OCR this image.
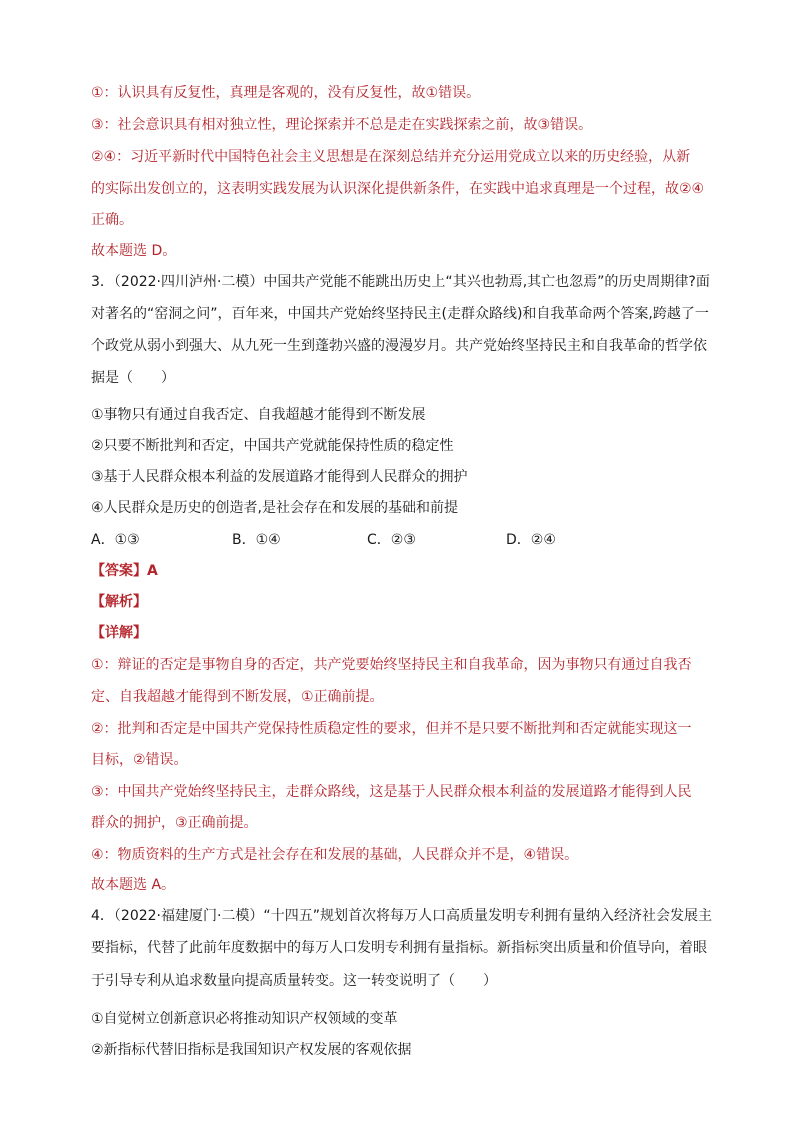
①：认识具有反复性，真理是客观的，没有反复性，故①错误。
③：社会意识具有相对独立性，理论探索并不总是走在实践探索之前，故③错误。
②④：习近平新时代中国特色社会主义思想是在深刻总结并充分运用党成立以来的历史经验，从新
的实际出发创立的，这表明实践发展为认识深化提供新条件，在实践中追求真理是一个过程，故②④
正确。
故本题选 D。
3．（2022·四川泸州·二模）中国共产党能不能跳出历史上“其兴也勃焉,其亡也忽焉”的历史周期律?面
对著名的“窑洞之问”，百年来，中国共产党始终坚持民主(走群众路线)和自我革命两个答案,跨越了一
个政党从弱小到强大、从九死一生到蓬勃兴盛的漫漫岁月。共产党始终坚持民主和自我革命的哲学依
据是（　　）
①事物只有通过自我否定、自我超越才能得到不断发展
②只要不断批判和否定，中国共产党就能保持性质的稳定性
③基于人民群众根本利益的发展道路才能得到人民群众的拥护
④人民群众是历史的创造者,是社会存在和发展的基础和前提
A．①③	B．①④	C．②③	D．②④
【答案】A
【解析】
【详解】
①：辩证的否定是事物自身的否定，共产党要始终坚持民主和自我革命，因为事物只有通过自我否
定、自我超越才能得到不断发展，①正确前提。
②：批判和否定是中国共产党保持性质稳定性的要求，但并不是只要不断批判和否定就能实现这一
目标，②错误。
③：中国共产党始终坚持民主，走群众路线，这是基于人民群众根本利益的发展道路才能得到人民
群众的拥护，③正确前提。
④：物质资料的生产方式是社会存在和发展的基础，人民群众并不是，④错误。
故本题选 A。
4．（2022·福建厦门·二模）“十四五”规划首次将每万人口高质量发明专利拥有量纳入经济社会发展主
要指标，代替了此前年度数据中的每万人口发明专利拥有量指标。新指标突出质量和价值导向，着眼
于引导专利从追求数量向提高质量转变。这一转变说明了（　　）
①自觉树立创新意识必将推动知识产权领域的变革
②新指标代替旧指标是我国知识产权发展的客观依据
